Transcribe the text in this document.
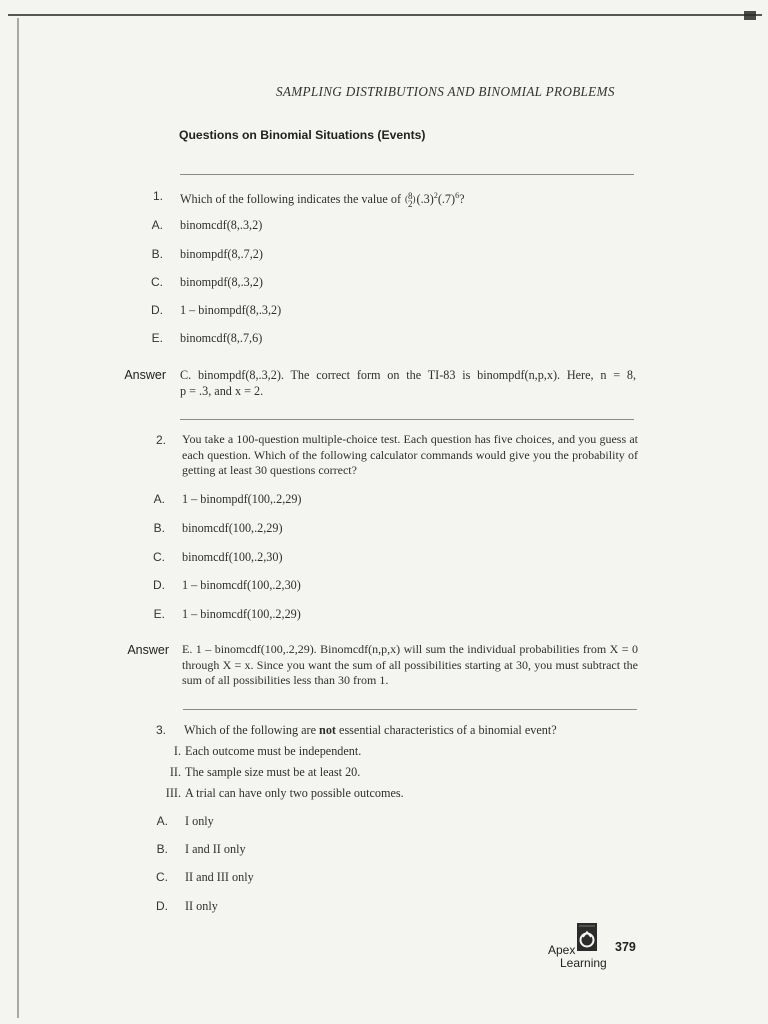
SAMPLING DISTRIBUTIONS AND BINOMIAL PROBLEMS
Questions on Binomial Situations (Events)
1. Which of the following indicates the value of (8
$2)(.3)^2(.7)^6$?
A. binomcdf(8,.3,2)
B. binompdf(8,.7,2)
C. binompdf(8,.3,2)
D. 1 – binompdf(8,.3,2)
E. binomcdf(8,.7,6)
Answer C. binompdf(8,.3,2). The correct form on the TI-83 is binompdf(n,p,x). Here, n = 8,
p = .3, and x = 2.
2. You take a 100-question multiple-choice test. Each question has five choices, and you guess at each question. Which of the following calculator commands would give you the probability of getting at least 30 questions correct?
A. 1 – binompdf(100,.2,29)
B. binomcdf(100,.2,29)
C. binomcdf(100,.2,30)
D. 1 – binomcdf(100,.2,30)
E. 1 – binomcdf(100,.2,29)
Answer E. 1 – binomcdf(100,.2,29). Binomcdf(n,p,x) will sum the individual probabilities from X = 0 through X = x. Since you want the sum of all possibilities starting at 30, you must subtract the sum of all possibilities less than 30 from 1.
3. Which of the following are not essential characteristics of a binomial event?
I. Each outcome must be independent.
II. The sample size must be at least 20.
III. A trial can have only two possible outcomes.
A. I only
B. I and II only
C. II and III only
D. II only
Apex
Learning
379
